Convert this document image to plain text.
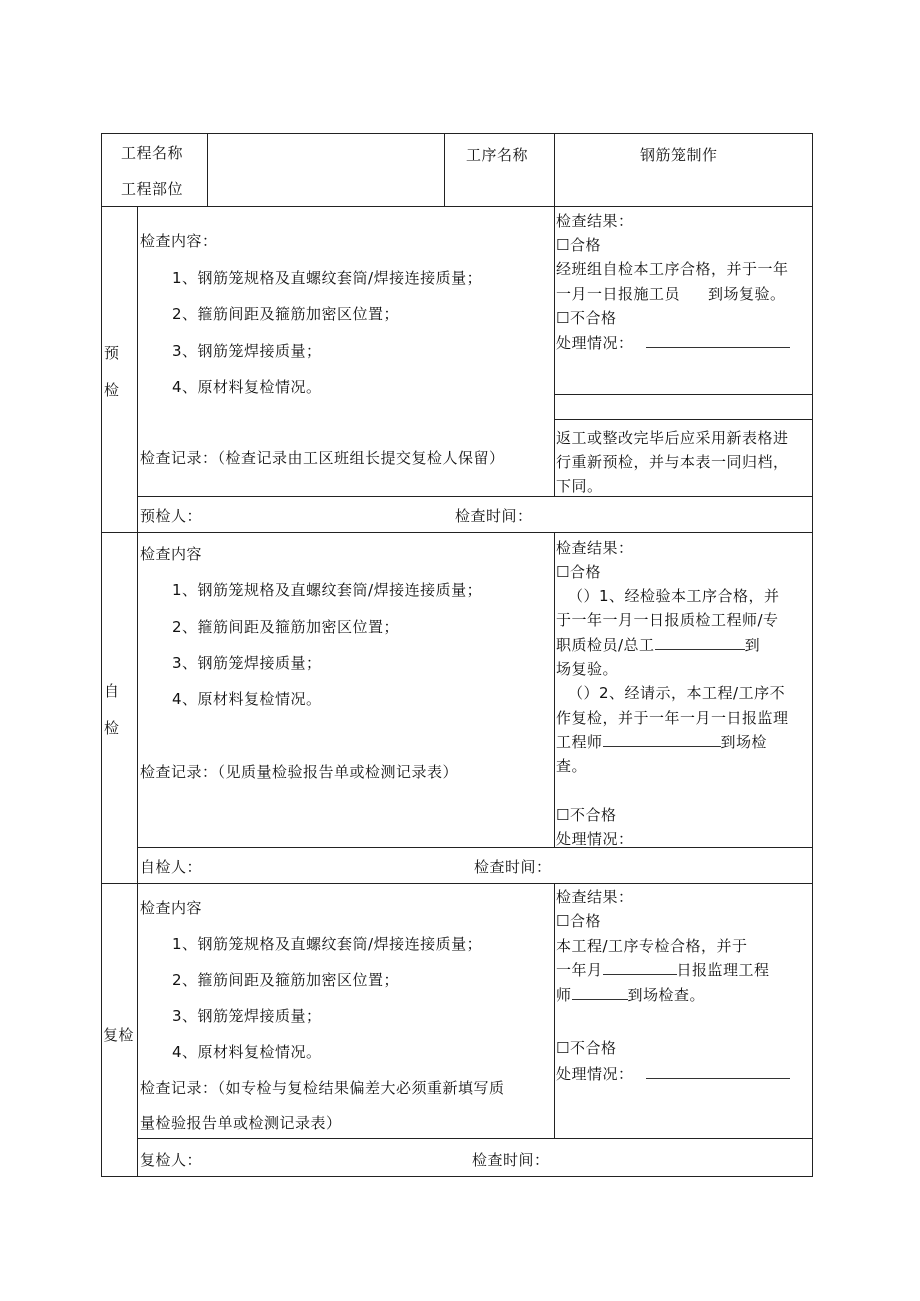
工程名称
工程部位
工序名称	钢筋笼制作
预
检
检查内容：
1、钢筋笼规格及直螺纹套筒/焊接连接质量；
2、箍筋间距及箍筋加密区位置；
3、钢筋笼焊接质量；
4、原材料复检情况。
检查记录：（检查记录由工区班组长提交复检人保留）
检查结果：
☐合格
经班组自检本工序合格，并于一年
一月一日报施工员 到场复验。
☐不合格
处理情况：
返工或整改完毕后应采用新表格进
行重新预检，并与本表一同归档，
下同。
预检人：	检查时间：
自
检
检查内容
1、钢筋笼规格及直螺纹套筒/焊接连接质量；
2、箍筋间距及箍筋加密区位置；
3、钢筋笼焊接质量；
4、原材料复检情况。
检查记录：（见质量检验报告单或检测记录表）
检查结果：
☐合格
（）1、经检验本工序合格，并
于一年一月一日报质检工程师/专
职质检员/总工	到
场复验。
（）2、经请示，本工程/工序不
作复检，并于一年一月一日报监理
工程师	到场检
查。
☐不合格
处理情况：
自检人：	检查时间：
复检
检查内容
1、钢筋笼规格及直螺纹套筒/焊接连接质量；
2、箍筋间距及箍筋加密区位置；
3、钢筋笼焊接质量；
4、原材料复检情况。
检查记录：（如专检与复检结果偏差大必须重新填写质
量检验报告单或检测记录表）
检查结果：
☐合格
本工程/工序专检合格，并于
一年月	日报监理工程
师	到场检查。
☐不合格
处理情况：
复检人：	检查时间：
